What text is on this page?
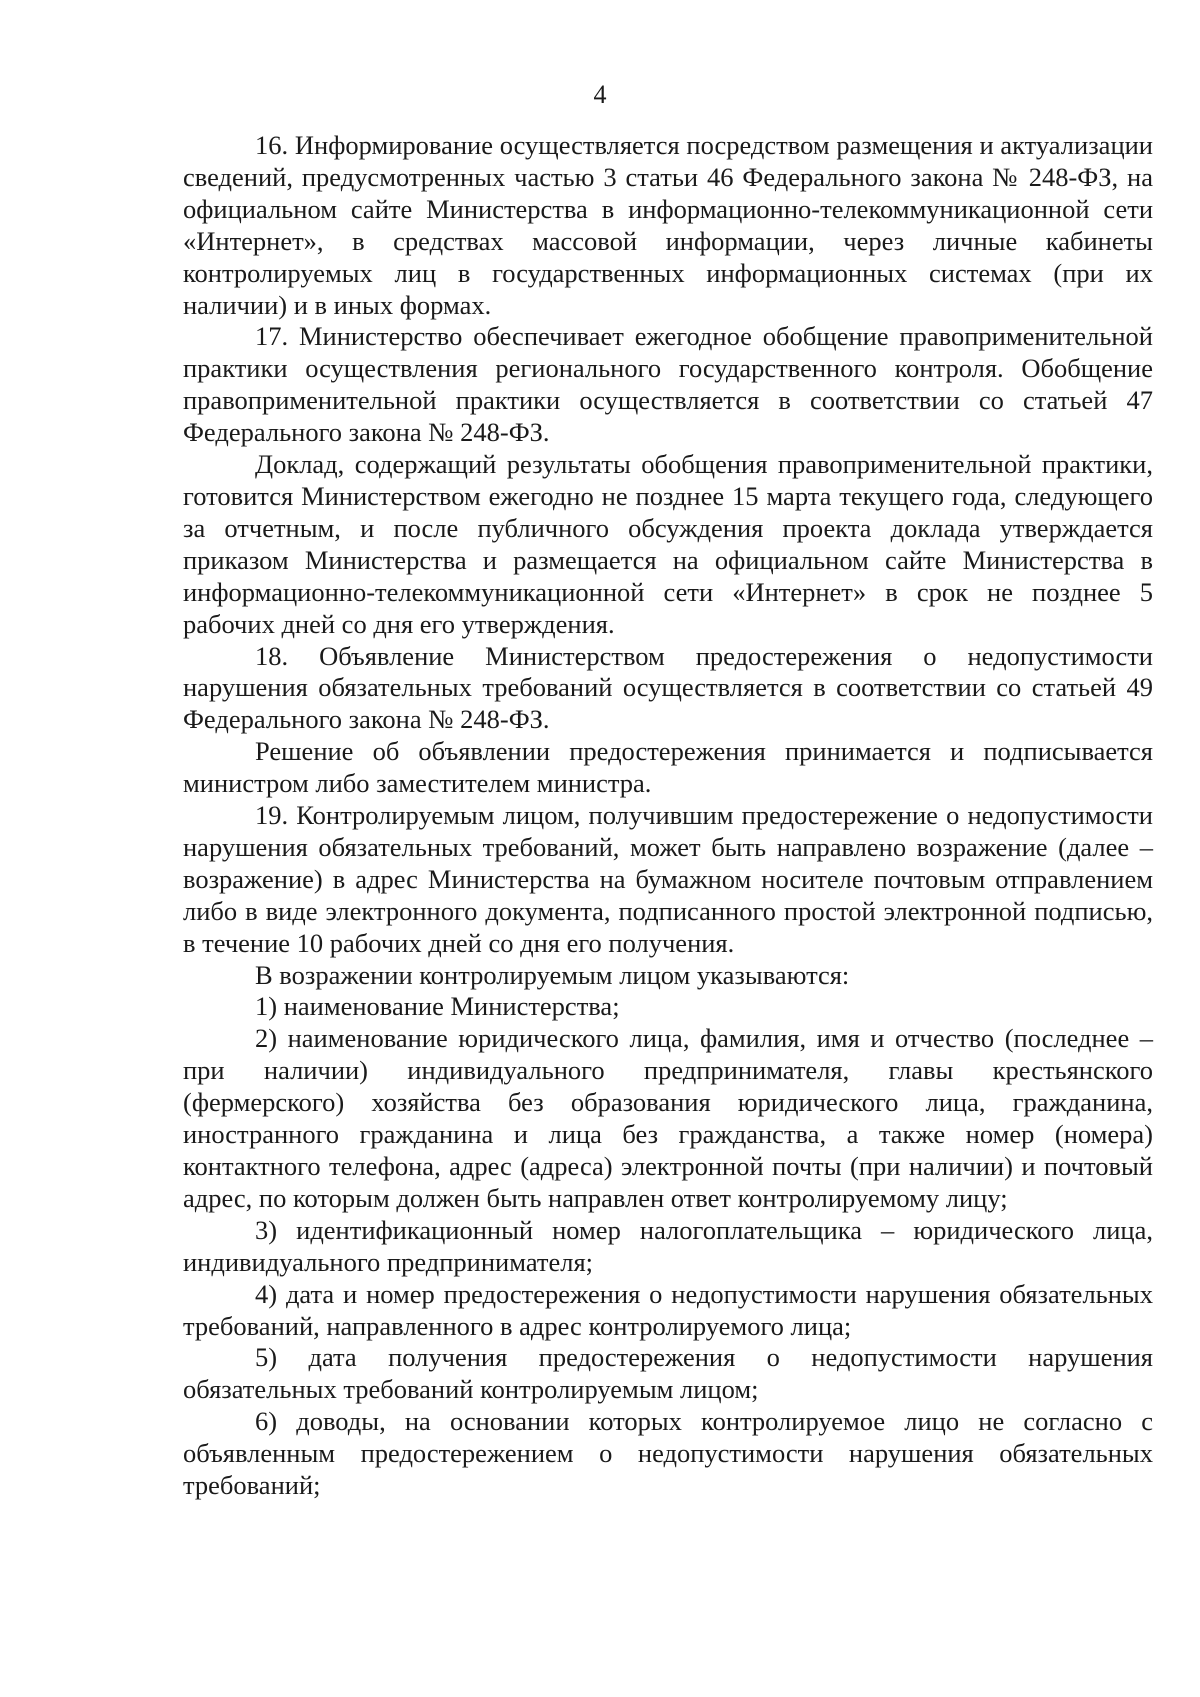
4

16. Информирование осуществляется посредством размещения и актуализации сведений, предусмотренных частью 3 статьи 46 Федерального закона № 248-ФЗ, на официальном сайте Министерства в информационно-телекоммуникационной сети «Интернет», в средствах массовой информации, через личные кабинеты контролируемых лиц в государственных информационных системах (при их наличии) и в иных формах.

17. Министерство обеспечивает ежегодное обобщение правоприменительной практики осуществления регионального государственного контроля. Обобщение правоприменительной практики осуществляется в соответствии со статьей 47 Федерального закона № 248-ФЗ.

Доклад, содержащий результаты обобщения правоприменительной практики, готовится Министерством ежегодно не позднее 15 марта текущего года, следующего за отчетным, и после публичного обсуждения проекта доклада утверждается приказом Министерства и размещается на официальном сайте Министерства в информационно-телекоммуникационной сети «Интернет» в срок не позднее 5 рабочих дней со дня его утверждения.

18. Объявление Министерством предостережения о недопустимости нарушения обязательных требований осуществляется в соответствии со статьей 49 Федерального закона № 248-ФЗ.

Решение об объявлении предостережения принимается и подписывается министром либо заместителем министра.

19. Контролируемым лицом, получившим предостережение о недопустимости нарушения обязательных требований, может быть направлено возражение (далее – возражение) в адрес Министерства на бумажном носителе почтовым отправлением либо в виде электронного документа, подписанного простой электронной подписью, в течение 10 рабочих дней со дня его получения.

В возражении контролируемым лицом указываются:

1) наименование Министерства;

2) наименование юридического лица, фамилия, имя и отчество (последнее – при наличии) индивидуального предпринимателя, главы крестьянского (фермерского) хозяйства без образования юридического лица, гражданина, иностранного гражданина и лица без гражданства, а также номер (номера) контактного телефона, адрес (адреса) электронной почты (при наличии) и почтовый адрес, по которым должен быть направлен ответ контролируемому лицу;

3) идентификационный номер налогоплательщика – юридического лица, индивидуального предпринимателя;

4) дата и номер предостережения о недопустимости нарушения обязательных требований, направленного в адрес контролируемого лица;

5) дата получения предостережения о недопустимости нарушения обязательных требований контролируемым лицом;

6) доводы, на основании которых контролируемое лицо не согласно с объявленным предостережением о недопустимости нарушения обязательных требований;
